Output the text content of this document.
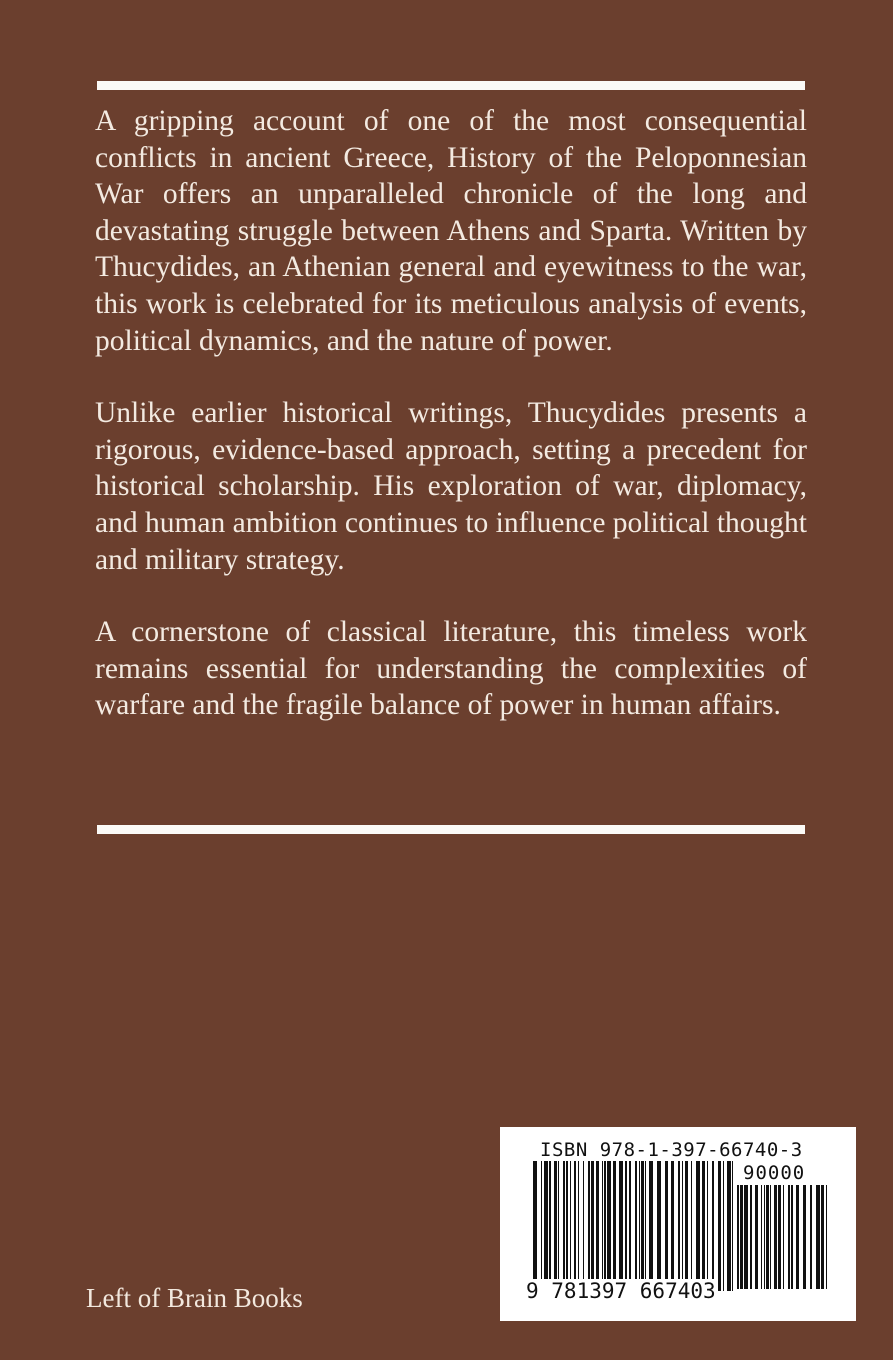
A gripping account of one of the most consequential conflicts in ancient Greece, History of the Peloponnesian War offers an unparalleled chronicle of the long and devastating struggle between Athens and Sparta. Written by Thucydides, an Athenian general and eyewitness to the war, this work is celebrated for its meticulous analysis of events, political dynamics, and the nature of power.

Unlike earlier historical writings, Thucydides presents a rigorous, evidence-based approach, setting a precedent for historical scholarship. His exploration of war, diplomacy, and human ambition continues to influence political thought and military strategy.

A cornerstone of classical literature, this timeless work remains essential for understanding the complexities of warfare and the fragile balance of power in human affairs.

Left of Brain Books
ISBN 978-1-397-66740-3
90000
9 781397 667403
